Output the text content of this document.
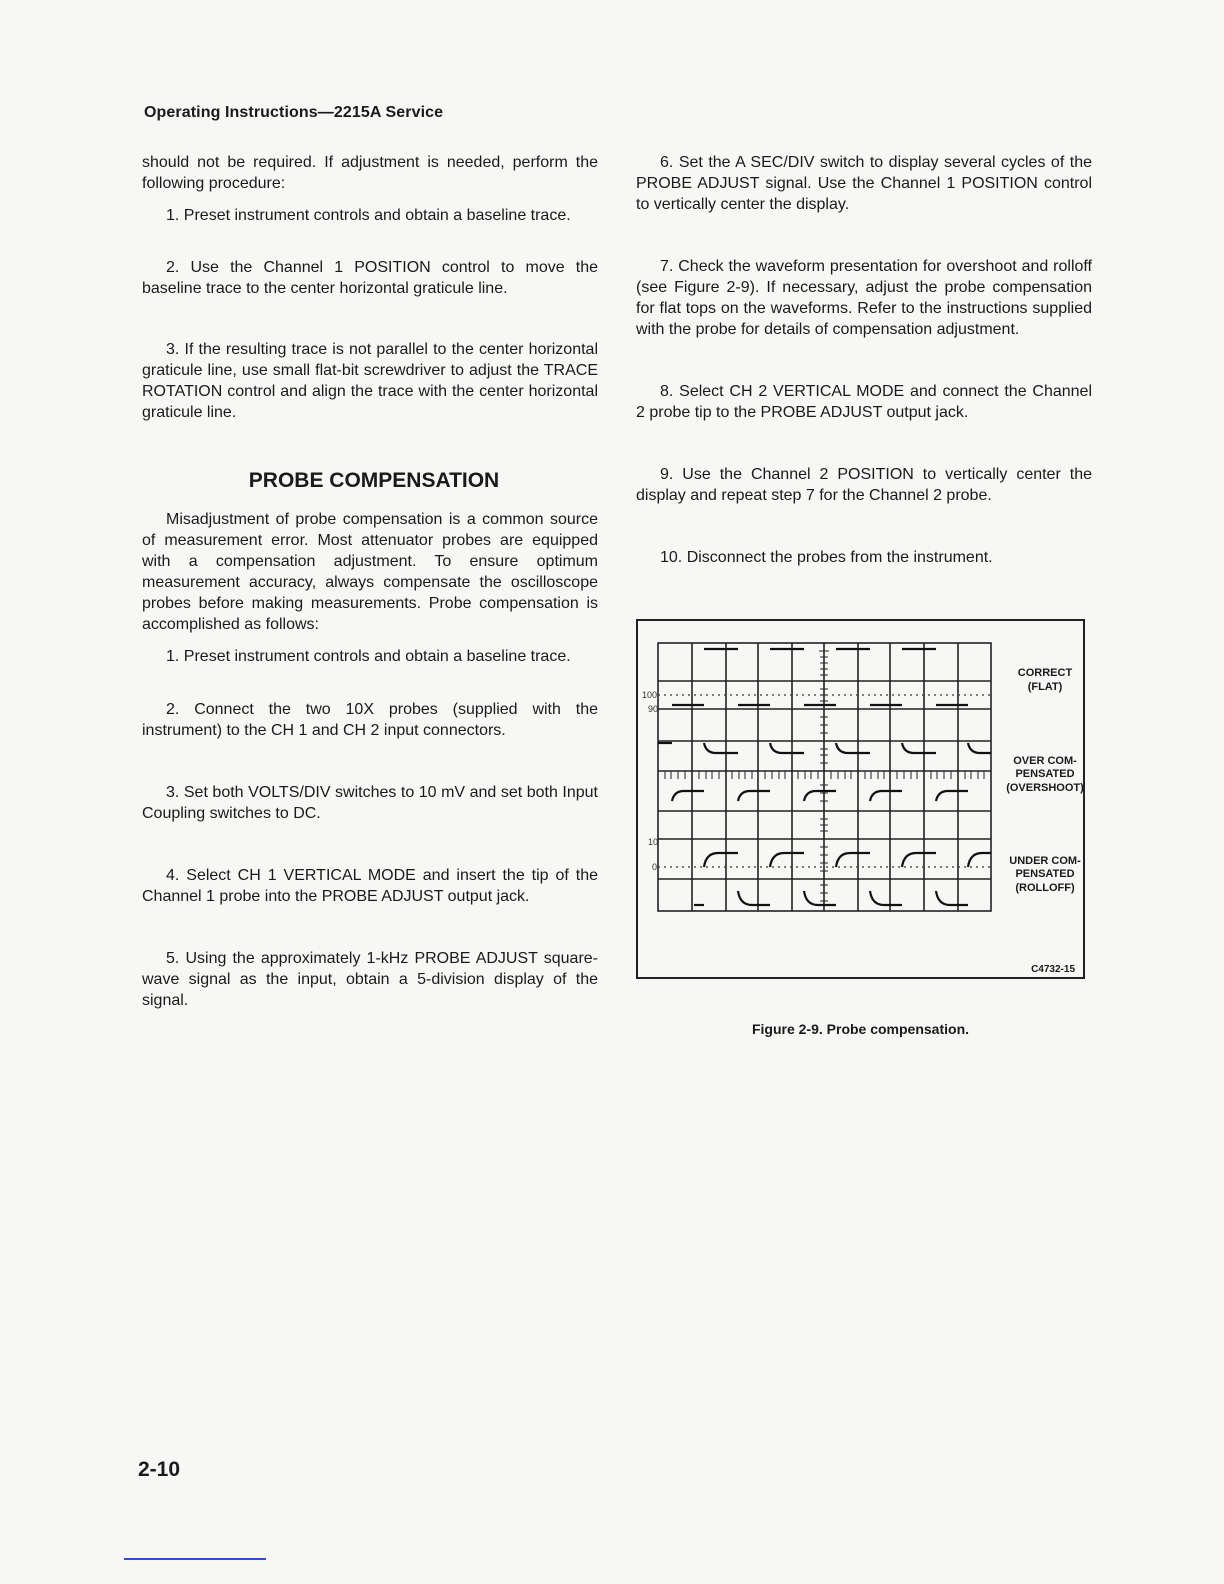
Operating Instructions—2215A Service

should not be required. If adjustment is needed, perform the following procedure:

1. Preset instrument controls and obtain a baseline trace.

2. Use the Channel 1 POSITION control to move the baseline trace to the center horizontal graticule line.

3. If the resulting trace is not parallel to the center horizontal graticule line, use small flat-bit screwdriver to adjust the TRACE ROTATION control and align the trace with the center horizontal graticule line.

PROBE COMPENSATION

Misadjustment of probe compensation is a common source of measurement error. Most attenuator probes are equipped with a compensation adjustment. To ensure optimum measurement accuracy, always compensate the oscilloscope probes before making measurements. Probe compensation is accomplished as follows:

1. Preset instrument controls and obtain a baseline trace.

2. Connect the two 10X probes (supplied with the instrument) to the CH 1 and CH 2 input connectors.

3. Set both VOLTS/DIV switches to 10 mV and set both Input Coupling switches to DC.

4. Select CH 1 VERTICAL MODE and insert the tip of the Channel 1 probe into the PROBE ADJUST output jack.

5. Using the approximately 1-kHz PROBE ADJUST square-wave signal as the input, obtain a 5-division display of the signal.

6. Set the A SEC/DIV switch to display several cycles of the PROBE ADJUST signal. Use the Channel 1 POSITION control to vertically center the display.

7. Check the waveform presentation for overshoot and rolloff (see Figure 2-9). If necessary, adjust the probe compensation for flat tops on the waveforms. Refer to the instructions supplied with the probe for details of compensation adjustment.

8. Select CH 2 VERTICAL MODE and connect the Channel 2 probe tip to the PROBE ADJUST output jack.

9. Use the Channel 2 POSITION to vertically center the display and repeat step 7 for the Channel 2 probe.

10. Disconnect the probes from the instrument.

100
90
10
0
CORRECT
(FLAT)
OVER COM-
PENSATED
(OVERSHOOT)
UNDER COM-
PENSATED
(ROLLOFF)
C4732-15
Figure 2-9. Probe compensation.
2-10
